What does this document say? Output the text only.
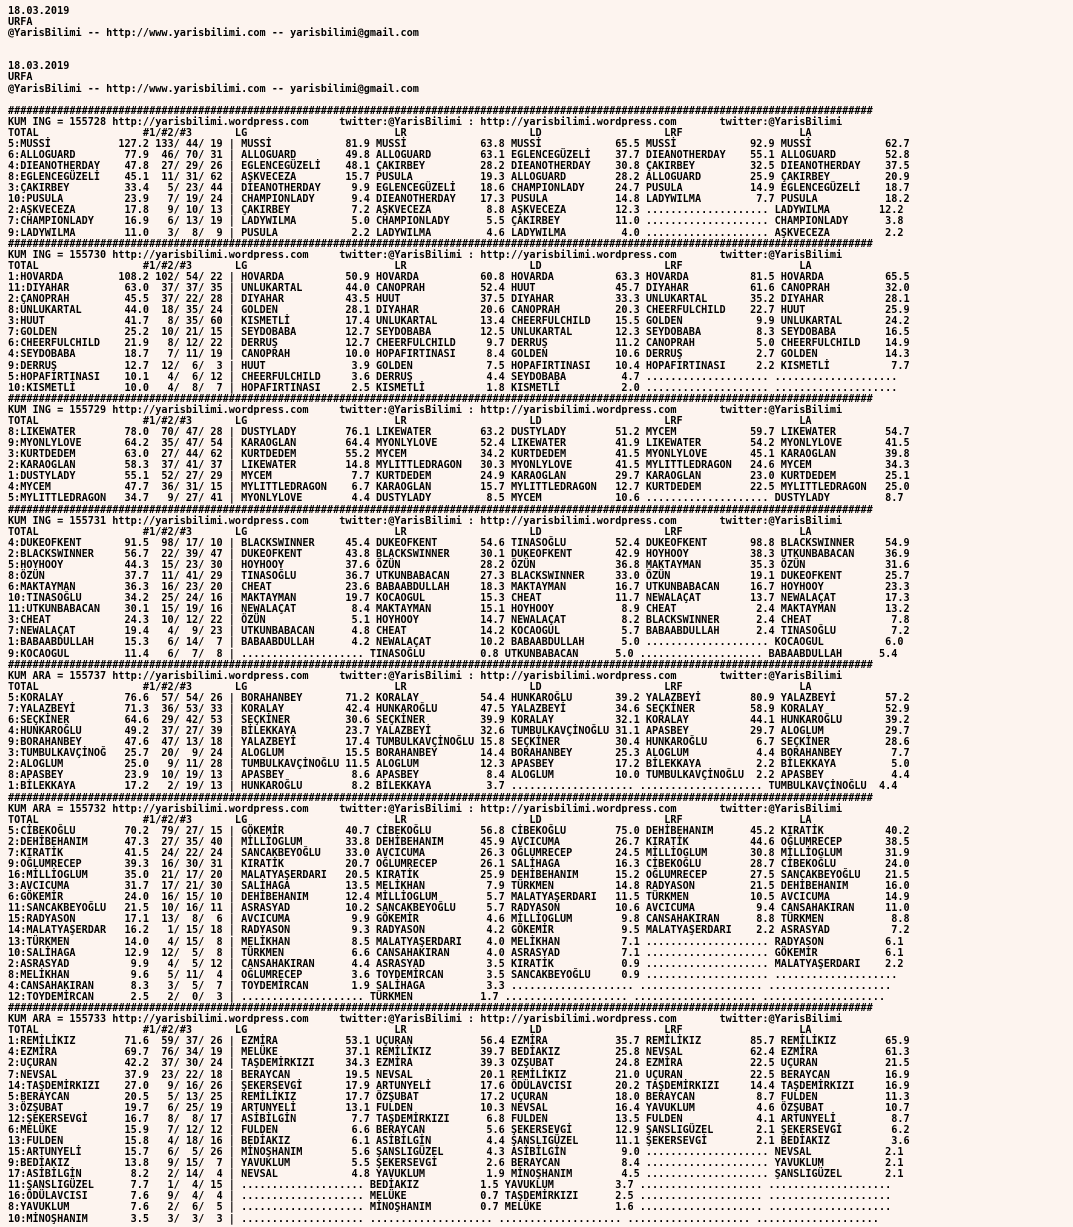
18.03.2019
URFA
@YarisBilimi -- http://www.yarisbilimi.com -- yarisbilimi@gmail.com

18.03.2019
URFA
@YarisBilimi -- http://www.yarisbilimi.com -- yarisbilimi@gmail.com

#############################################################################################################################################
KUM ING = 155728 http://yarisbilimi.wordpress.com     twitter:@YarisBilimi : http://yarisbilimi.wordpress.com       twitter:@YarisBilimi
TOTAL                 #1/#2/#3       LG                        LR                    LD                    LRF                   LA
5:MUSSİ           127.2 133/ 44/ 19 | MUSSİ            81.9 MUSSİ            63.8 MUSSİ            65.5 MUSSİ            92.9 MUSSİ            62.7
6:ALLOGUARD        77.9  46/ 70/ 31 | ALLOGUARD        49.8 ALLOGUARD        63.1 EGLENCEGÜZELİ    37.7 DIEANOTHERDAY    55.1 ALLOGUARD        52.8
4:DIEANOTHERDAY    47.8  27/ 29/ 26 | EGLENCEGÜZELİ    48.1 ÇAKIRBEY         28.2 DIEANOTHERDAY    30.8 ÇAKIRBEY         32.5 DIEANOTHERDAY    37.5
8:EGLENCEGÜZELİ    45.1  11/ 31/ 62 | AŞKVECEZA        15.7 PUSULA           19.3 ALLOGUARD        28.2 ALLOGUARD        25.9 ÇAKIRBEY         20.9
3:ÇAKIRBEY         33.4   5/ 23/ 44 | DIEANOTHERDAY     9.9 EGLENCEGÜZELİ    18.6 CHAMPIONLADY     24.7 PUSULA           14.9 EGLENCEGÜZELİ    18.7
10:PUSULA          23.9   7/ 19/ 24 | CHAMPIONLADY      9.4 DIEANOTHERDAY    17.3 PUSULA           14.8 LADYWILMA         7.7 PUSULA           18.2
2:AŞKVECEZA        17.8   9/ 10/ 13 | ÇAKIRBEY          7.2 AŞKVECEZA         8.8 AŞKVECEZA        12.3 .................... LADYWILMA        12.2
7:CHAMPIONLADY     16.9   6/ 13/ 19 | LADYWILMA         5.0 CHAMPIONLADY      5.5 ÇAKIRBEY         11.0 .................... CHAMPIONLADY      3.8
9:LADYWILMA        11.0   3/  8/  9 | PUSULA            2.2 LADYWILMA         4.6 LADYWILMA         4.0 .................... AŞKVECEZA         2.2
#############################################################################################################################################
KUM ING = 155730 http://yarisbilimi.wordpress.com     twitter:@YarisBilimi : http://yarisbilimi.wordpress.com       twitter:@YarisBilimi
TOTAL                 #1/#2/#3       LG                        LR                    LD                    LRF                   LA
1:HOVARDA         108.2 102/ 54/ 22 | HOVARDA          50.9 HOVARDA          60.8 HOVARDA          63.3 HOVARDA          81.5 HOVARDA          65.5
11:DIYAHAR         63.0  37/ 37/ 35 | UNLUKARTAL       44.0 CANOPRAH         52.4 HUUT             45.7 DIYAHAR          61.6 CANOPRAH         32.0
2:ÇANOPRAH         45.5  37/ 22/ 28 | DIYAHAR          43.5 HUUT             37.5 DIYAHAR          33.3 UNLUKARTAL       35.2 DIYAHAR          28.1
8:UNLUKARTAL       44.0  18/ 35/ 24 | GOLDEN           28.1 DIYAHAR          20.6 CANOPRAH         20.3 CHEERFULCHILD    22.7 HUUT             25.9
3:HUUT             41.7   8/ 35/ 60 | KISMETLİ         17.4 UNLUKARTAL       13.4 CHEERFULCHILD    15.5 GOLDEN            9.9 UNLUKARTAL       24.2
7:GOLDEN           25.2  10/ 21/ 15 | SEYDOBABA        12.7 SEYDOBABA        12.5 UNLUKARTAL       12.3 SEYDOBABA         8.3 SEYDOBABA        16.5
6:CHEERFULCHILD    21.9   8/ 12/ 22 | DERRUŞ           12.7 CHEERFULCHILD     9.7 DERRUŞ           11.2 CANOPRAH          5.0 CHEERFULCHILD    14.9
4:SEYDOBABA        18.7   7/ 11/ 19 | CANOPRAH         10.0 HOPAFIRTINASI     8.4 GOLDEN           10.6 DERRUŞ            2.7 GOLDEN           14.3
9:DERRUŞ           12.7  12/  6/  3 | HUUT              3.9 GOLDEN            7.5 HOPAFIRTINASI    10.4 HOPAFIRTINASI     2.2 KISMETLİ          7.7
5:HOPAFIRTINASI    10.1   4/  6/ 12 | CHEERFULCHILD     3.6 DERRUŞ            4.4 SEYDOBABA         4.7 .................... ....................
10:KISMETLİ        10.0   4/  8/  7 | HOPAFIRTINASI     2.5 KISMETLİ          1.8 KISMETLİ          2.0 .................... ....................
#############################################################################################################################################
KUM ING = 155729 http://yarisbilimi.wordpress.com     twitter:@YarisBilimi : http://yarisbilimi.wordpress.com       twitter:@YarisBilimi
TOTAL                 #1/#2/#3       LG                        LR                    LD                    LRF                   LA
8:LIKEWATER        78.0  70/ 47/ 28 | DUSTYLADY        76.1 LIKEWATER        63.2 DUSTYLADY        51.2 MYCEM            59.7 LIKEWATER        54.7
9:MYONLYLOVE       64.2  35/ 47/ 54 | KARAOGLAN        64.4 MYONLYLOVE       52.4 LIKEWATER        41.9 LIKEWATER        54.2 MYONLYLOVE       41.5
3:KURTDEDEM        63.0  27/ 44/ 62 | KURTDEDEM        55.2 MYCEM            34.2 KURTDEDEM        41.5 MYONLYLOVE       45.1 KARAOGLAN        39.8
2:KARAOGLAN        58.3  37/ 41/ 37 | LIKEWATER        14.8 MYLITTLEDRAGON   30.3 MYONLYLOVE       41.5 MYLITTLEDRAGON   24.6 MYCEM            34.3
1:DUSTYLADY        55.1  52/ 27/ 29 | MYCEM             7.7 KURTDEDEM        24.9 KARAOGLAN        29.7 KARAOGLAN        23.0 KURTDEDEM        25.1
4:MYCEM            47.7  36/ 31/ 15 | MYLITTLEDRAGON    6.7 KARAOGLAN        15.7 MYLITTLEDRAGON   12.7 KURTDEDEM        22.5 MYLITTLEDRAGON   25.0
5:MYLITTLEDRAGON   34.7   9/ 27/ 41 | MYONLYLOVE        4.4 DUSTYLADY         8.5 MYCEM            10.6 .................... DUSTYLADY         8.7
#############################################################################################################################################
KUM ING = 155731 http://yarisbilimi.wordpress.com     twitter:@YarisBilimi : http://yarisbilimi.wordpress.com       twitter:@YarisBilimi
TOTAL                 #1/#2/#3       LG                        LR                    LD                    LRF                   LA
4:DUKEOFKENT       91.5  98/ 17/ 10 | BLACKSWINNER     45.4 DUKEOFKENT       54.6 TINASOĞLU        52.4 DUKEOFKENT       98.8 BLACKSWINNER     54.9
2:BLACKSWINNER     56.7  22/ 39/ 47 | DUKEOFKENT       43.8 BLACKSWINNER     30.1 DUKEOFKENT       42.9 HOYHOOY          38.3 UTKUNBABACAN     36.9
5:HOYHOOY          44.3  15/ 23/ 30 | HOYHOOY          37.6 ÖZÜN             28.2 ÖZÜN             36.8 MAKTAYMAN        35.3 ÖZÜN             31.6
8:ÖZÜN             37.7  11/ 41/ 29 | TINASOĞLU        36.7 UTKUNBABACAN     27.3 BLACKSWINNER     33.0 ÖZÜN             19.1 DUKEOFKENT       25.7
6:MAKTAYMAN        36.3  16/ 23/ 20 | CHEAT            23.6 BABAABDULLAH     18.3 MAKTAYMAN        16.7 UTKUNBABACAN     16.7 HOYHOOY          23.3
10:TINASOĞLU       34.2  25/ 24/ 16 | MAKTAYMAN        19.7 KOCAOGUL         15.3 CHEAT            11.7 NEWALAÇAT        13.7 NEWALAÇAT        17.3
11:UTKUNBABACAN    30.1  15/ 19/ 16 | NEWALAÇAT         8.4 MAKTAYMAN        15.1 HOYHOOY           8.9 CHEAT             2.4 MAKTAYMAN        13.2
3:CHEAT            24.3  10/ 12/ 22 | ÖZÜN              5.1 HOYHOOY          14.7 NEWALAÇAT         8.2 BLACKSWINNER      2.4 CHEAT             7.8
7:NEWALAÇAT        19.4   4/  9/ 23 | UTKUNBABACAN      4.8 CHEAT            14.2 KOCAOGUL          5.7 BABAABDULLAH      2.4 TINASOĞLU         7.2
1:BABAABDULLAH     15.3   6/ 14/  7 | BABAABDULLAH      4.2 NEWALAÇAT        10.2 BABAABDULLAH      5.0 .................... KOCAOGUL          6.0
9:KOCAOGUL         11.4   6/  7/  8 | .................... TINASOĞLU         0.8 UTKUNBABACAN      5.0 .................... BABAABDULLAH      5.4
#############################################################################################################################################
KUM ARA = 155737 http://yarisbilimi.wordpress.com     twitter:@YarisBilimi : http://yarisbilimi.wordpress.com       twitter:@YarisBilimi
TOTAL                 #1/#2/#3       LG                        LR                    LD                    LRF                   LA
5:KORALAY          76.6  57/ 54/ 26 | BORAHANBEY       71.2 KORALAY          54.4 HUNKAROĞLU       39.2 YALAZBEYİ        80.9 YALAZBEYİ        57.2
7:YALAZBEYİ        71.3  36/ 53/ 33 | KORALAY          42.4 HUNKAROĞLU       47.5 YALAZBEYİ        34.6 SEÇKİNER         58.9 KORALAY          52.9
6:SEÇKİNER         64.6  29/ 42/ 53 | SEÇKİNER         30.6 SEÇKİNER         39.9 KORALAY          32.1 KORALAY          44.1 HUNKAROĞLU       39.2
4:HUNKAROĞLU       49.2  37/ 27/ 39 | BİLEKKAYA        23.7 YALAZBEYİ        32.6 TUMBULKAVÇİNOĞLU 31.1 APASBEY          29.7 ALOGLUM          29.7
9:BORAHANBEY       47.6  47/ 13/ 18 | YALAZBEYİ        17.4 TUMBULKAVÇİNOĞLU 15.8 SEÇKİNER         30.4 HUNKAROĞLU        6.7 SEÇKİNER         28.6
3:TUMBULKAVÇİNOĞ   25.7  20/  9/ 24 | ALOGLUM          15.5 BORAHANBEY       14.4 BORAHANBEY       25.3 ALOGLUM           4.4 BORAHANBEY        7.7
2:ALOGLUM          25.0   9/ 11/ 28 | TUMBULKAVÇİNOĞLU 11.5 ALOGLUM          12.3 APASBEY          17.2 BİLEKKAYA         2.2 BİLEKKAYA         5.0
8:APASBEY          23.9  10/ 19/ 13 | APASBEY           8.6 APASBEY           8.4 ALOGLUM          10.0 TUMBULKAVÇİNOĞLU  2.2 APASBEY           4.4
1:BİLEKKAYA        17.2   2/ 19/ 13 | HUNKAROĞLU        8.2 BİLEKKAYA         3.7 .................... .................... TUMBULKAVÇİNOĞLU  4.4
#############################################################################################################################################
KUM ARA = 155732 http://yarisbilimi.wordpress.com     twitter:@YarisBilimi : http://yarisbilimi.wordpress.com       twitter:@YarisBilimi
TOTAL                 #1/#2/#3       LG                        LR                    LD                    LRF                   LA
5:CİBEKOĞLU        70.2  79/ 27/ 15 | GÖKEMİR          40.7 CİBEKOĞLU        56.8 CİBEKOĞLU        75.0 DEHİBEHANIM      45.2 KIRATİK          40.2
2:DEHİBEHANIM      47.3  27/ 35/ 40 | MİLLİOGLUM       33.8 DEHİBEHANIM      45.9 AVCICUMA         26.7 KIRATİK          44.6 OĞLUMRECEP       38.5
7:KIRATİK          41.5  24/ 22/ 24 | SANCAKBEYOĞLU    33.0 AVCICUMA         26.3 OĞLUMRECEP       24.5 MİLLİOGLUM       30.8 MİLLİOGLUM       31.9
9:OĞLUMRECEP       39.3  16/ 30/ 31 | KIRATİK          20.7 OĞLUMRECEP       26.1 SALİHAGA         16.3 CİBEKOĞLU        28.7 CİBEKOĞLU        24.0
16:MİLLİOGLUM      35.0  21/ 17/ 20 | MALATYAŞERDARI   20.5 KIRATİK          25.9 DEHİBEHANIM      15.2 OĞLUMRECEP       27.5 SANCAKBEYOĞLU    21.5
3:AVCICUMA         31.7  17/ 21/ 30 | SALİHAGA         13.5 MELİKHAN          7.9 TÜRKMEN          14.8 RADYASON         21.5 DEHİBEHANIM      16.0
6:GÖKEMİR          24.0  16/ 15/ 10 | DEHİBEHANIM      12.4 MİLLİOGLUM        5.7 MALATYAŞERDARI   11.5 TÜRKMEN          10.5 AVCICUMA         14.9
11:SANCAKBEYOĞLU   21.5  10/ 16/ 11 | ASRASYAD         10.2 SANCAKBEYOĞLU     5.7 RADYASON         10.6 AVCICUMA          9.4 CANSAHAKIRAN     11.0
15:RADYASON        17.1  13/  8/  6 | AVCICUMA          9.9 GÖKEMİR           4.6 MİLLİOGLUM        9.8 CANSAHAKIRAN      8.8 TÜRKMEN           8.8
14:MALATYAŞERDAR   16.2   1/ 15/ 18 | RADYASON          9.3 RADYASON          4.2 GÖKEMİR           9.5 MALATYAŞERDARI    2.2 ASRASYAD          7.2
13:TÜRKMEN         14.0   4/ 15/  8 | MELİKHAN          8.5 MALATYAŞERDARI    4.0 MELİKHAN          7.1 .................... RADYASON          6.1
10:SALİHAGA        12.9  12/  5/  8 | TÜRKMEN           6.6 CANSAHAKIRAN      4.0 ASRASYAD          7.1 .................... GÖKEMİR           6.1
2:ASRASYAD          9.9   4/  5/ 12 | CANSAHAKIRAN      4.4 ASRASYAD          3.5 KIRATİK           0.9 .................... MALATYAŞERDARI    2.2
8:MELİKHAN          9.6   5/ 11/  4 | OĞLUMRECEP        3.6 TOYDEMİRCAN       3.5 SANCAKBEYOĞLU     0.9 .................... ....................
4:CANSAHAKIRAN      8.3   3/  5/  7 | TOYDEMİRCAN       1.9 SALİHAGA          3.3 .................... .................... ....................
12:TOYDEMİRCAN      2.5   2/  0/  3 | .................... TÜRKMEN           1.7 .................... .................... ....................
#############################################################################################################################################
KUM ARA = 155733 http://yarisbilimi.wordpress.com     twitter:@YarisBilimi : http://yarisbilimi.wordpress.com       twitter:@YarisBilimi
TOTAL                 #1/#2/#3       LG                        LR                    LD                    LRF                   LA
1:REMİLİKIZ        71.6  59/ 37/ 26 | EZMİRA           53.1 UÇURAN           56.4 EZMİRA           35.7 REMİLİKIZ        85.7 REMİLİKIZ        65.9
4:EZMİRA           69.7  76/ 34/ 19 | MELÜKE           37.1 REMİLİKIZ        39.7 BEDİAKIZ         25.8 NEVSAL           62.4 EZMİRA           61.3
2:UÇURAN           42.2  37/ 30/ 24 | TAŞDEMİRKIZI     34.3 EZMİRA           39.3 OZŞUBAT          24.8 EZMİRA           22.5 UÇURAN           21.5
7:NEVSAL           37.9  23/ 22/ 18 | BERAYCAN         19.5 NEVSAL           20.1 REMİLİKIZ        21.0 UÇURAN           22.5 BERAYCAN         16.9
14:TAŞDEMİRKIZI    27.0   9/ 16/ 26 | ŞEKERSEVGİ       17.9 ARTUNYELİ        17.6 ÖDÜLAVCISI       20.2 TAŞDEMİRKIZI     14.4 TAŞDEMİRKIZI     16.9
5:BERAYCAN         20.5   5/ 13/ 25 | REMİLİKIZ        17.7 ÖZŞUBAT          17.2 UÇURAN           18.0 BERAYCAN          8.7 FULDEN           11.3
3:ÖZŞUBAT          19.7   6/ 25/ 19 | ARTUNYELİ        13.1 FULDEN           10.3 NEVSAL           16.4 YAVUKLUM          4.6 ÖZŞUBAT          10.7
12:ŞEKERSEVGİ      16.7   8/  8/ 17 | ASİBİLGİN         7.7 TAŞDEMİRKIZI      6.8 FULDEN           13.5 FULDEN            4.1 ARTUNYELİ         8.7
6:MELÜKE           15.9   7/ 12/ 12 | FULDEN            6.6 BERAYCAN          5.6 ŞEKERSEVGİ       12.9 ŞANSLIGÜZEL       2.1 ŞEKERSEVGİ        6.2
13:FULDEN          15.8   4/ 18/ 16 | BEDİAKIZ          6.1 ASİBİLGİN         4.4 ŞANSLIGÜZEL      11.1 ŞEKERSEVGİ        2.1 BEDİAKIZ          3.6
15:ARTUNYELİ       15.7   6/  5/ 26 | MİNOŞHANIM        5.6 ŞANSLIGÜZEL       4.3 ASİBİLGİN         9.0 .................... NEVSAL            2.1
9:BEDİAKIZ         13.8   9/ 15/  7 | YAVUKLUM          5.5 ŞEKERSEVGİ        2.6 BERAYCAN          8.4 .................... YAVUKLUM          2.1
17:ASİBİLGİN        8.2   2/ 14/  4 | NEVSAL            4.8 YAVUKLUM          1.9 MİNOŞHANIM        4.5 .................... ŞANSLIGÜZEL       2.1
11:ŞANSLIGÜZEL      7.7   1/  4/ 15 | .................... BEDİAKIZ          1.5 YAVUKLUM          3.7 .................... ....................
16:ÖDÜLAVCISI       7.6   9/  4/  4 | .................... MELÜKE            0.7 TAŞDEMİRKIZI      2.5 .................... ....................
8:YAVUKLUM          7.6   2/  6/  5 | .................... MİNOŞHANIM        0.7 MELÜKE            1.6 .................... ....................
10:MİNOŞHANIM       3.5   3/  3/  3 | .................... .................... .................... .................... ....................
